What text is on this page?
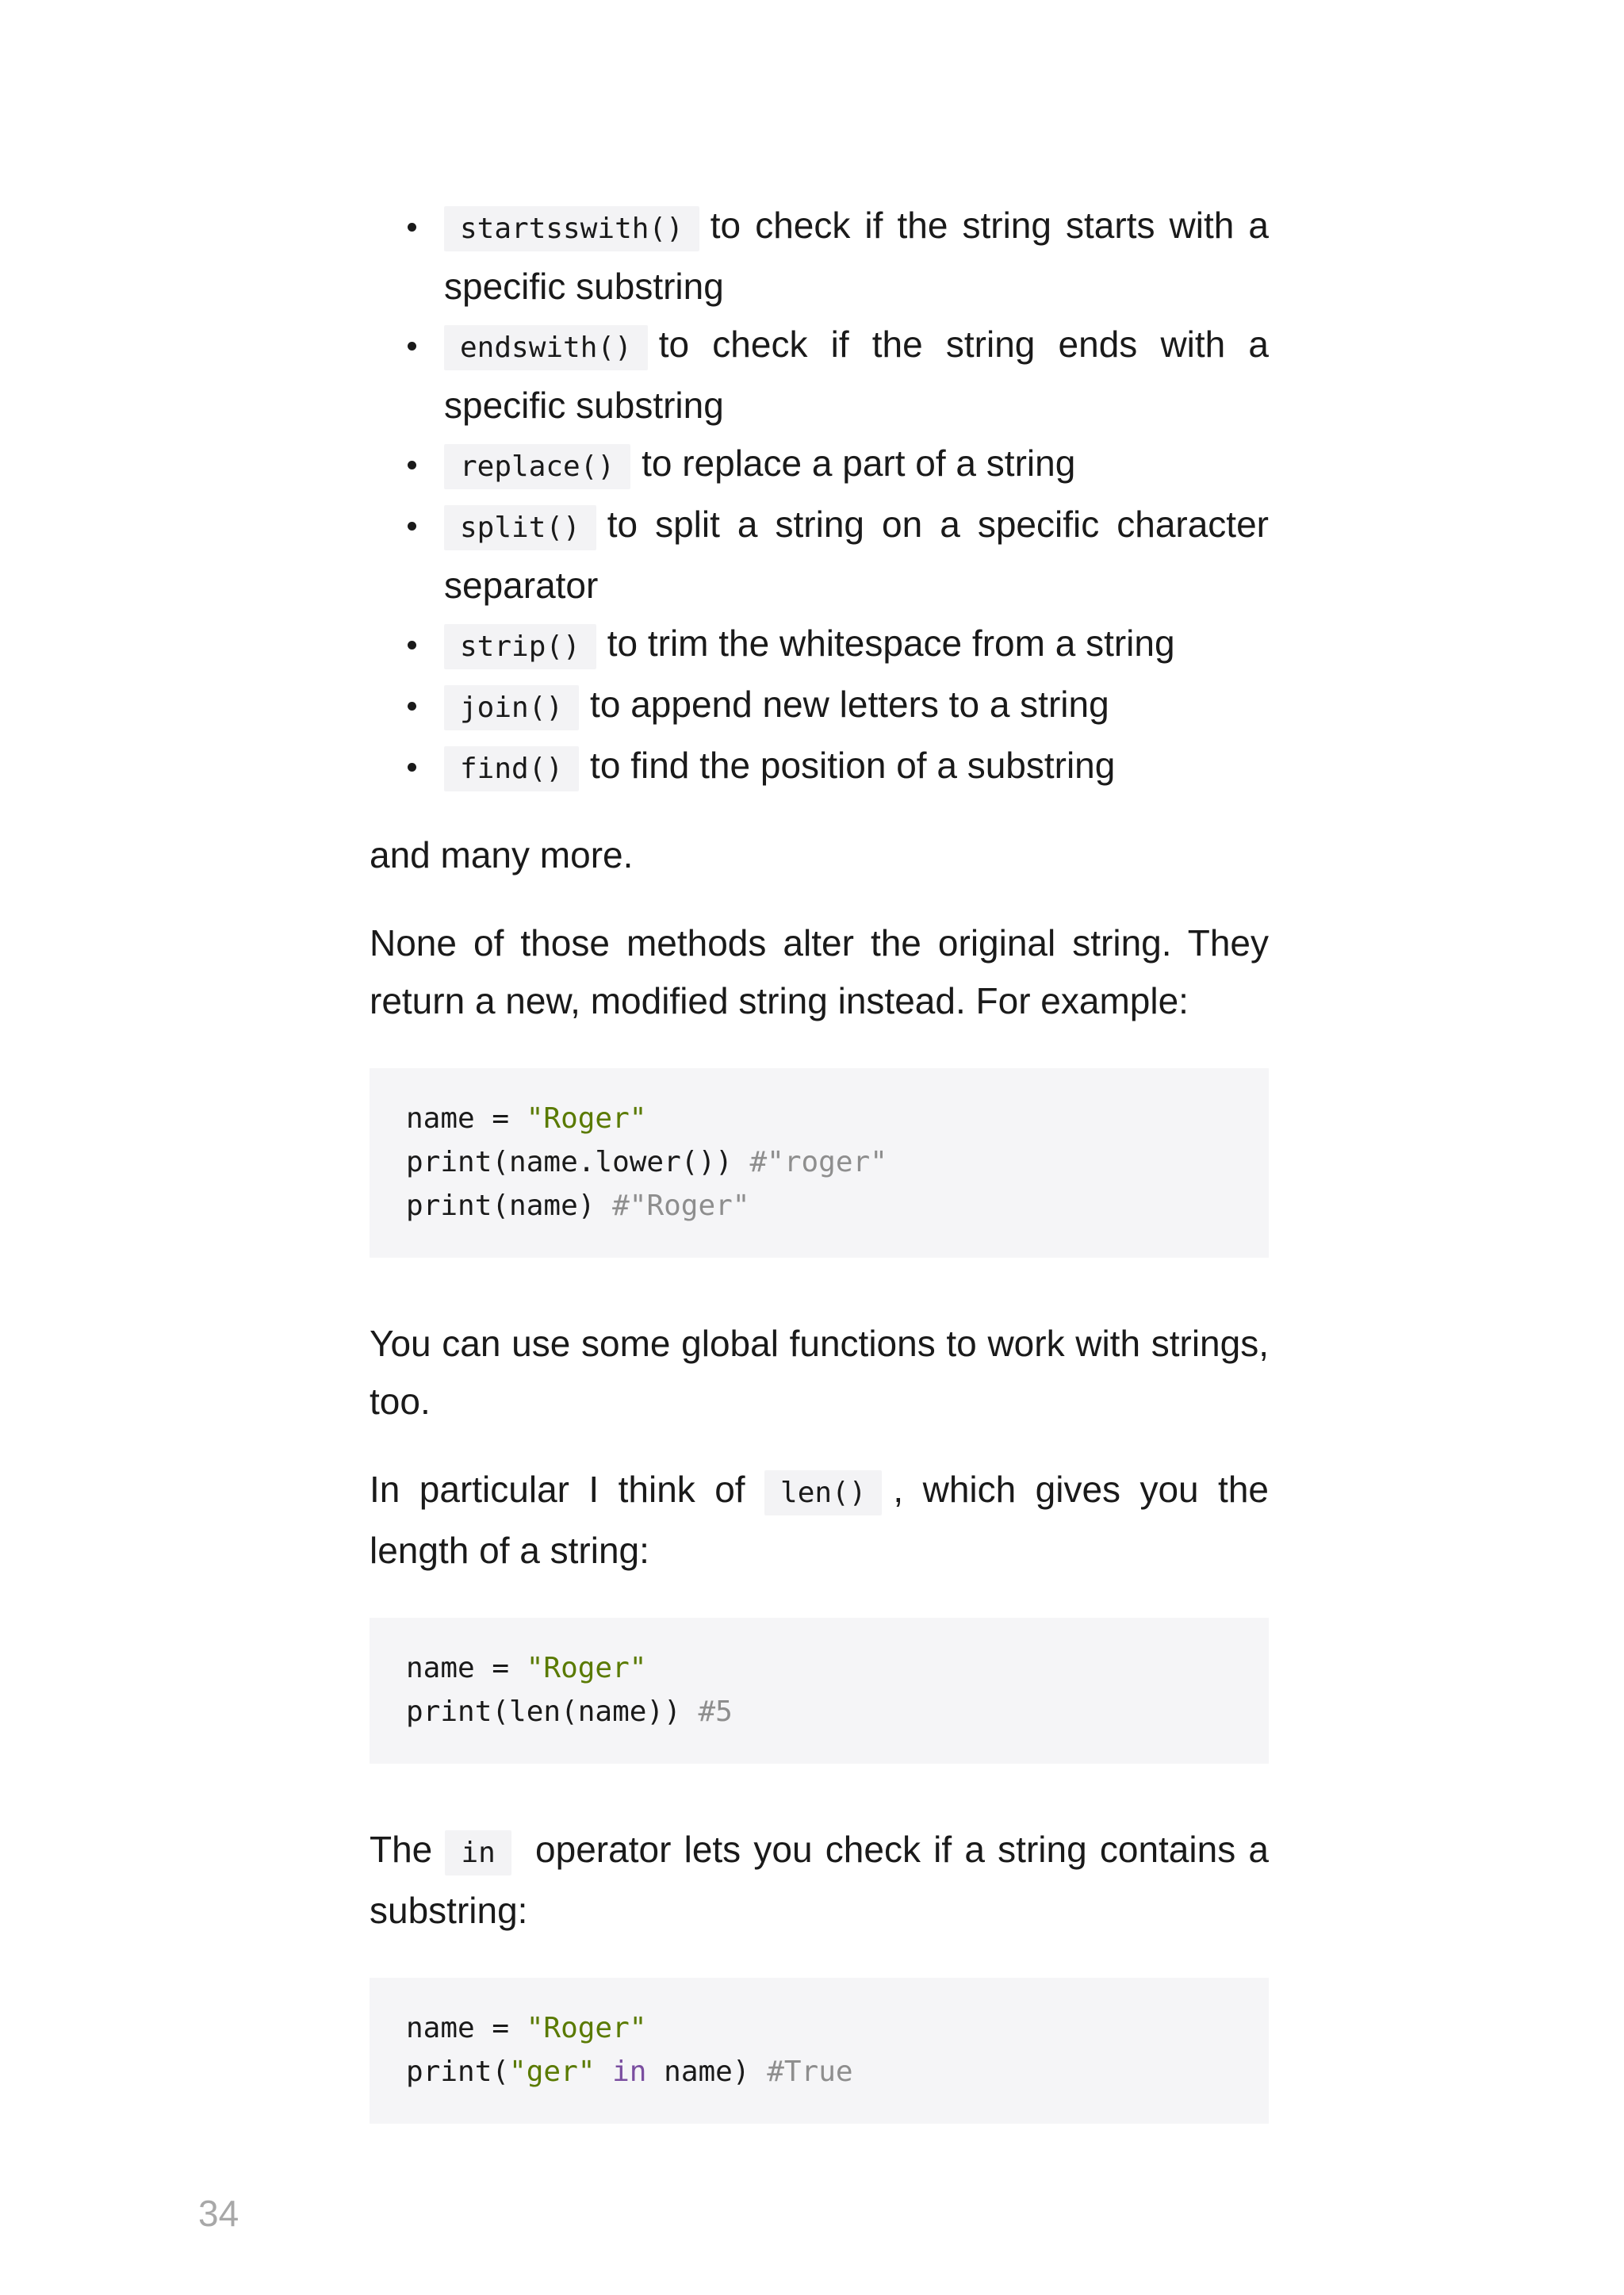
startsswith() to check if the string starts with a specific substring
endswith() to check if the string ends with a specific substring
replace() to replace a part of a string
split() to split a string on a specific character separator
strip() to trim the whitespace from a string
join() to append new letters to a string
find() to find the position of a substring

and many more.

None of those methods alter the original string. They return a new, modified string instead. For example:

name = "Roger"
print(name.lower()) #"roger"
print(name) #"Roger"

You can use some global functions to work with strings, too.

In particular I think of len() , which gives you the length of a string:

name = "Roger"
print(len(name)) #5

The in operator lets you check if a string contains a substring:

name = "Roger"
print("ger" in name) #True
34
